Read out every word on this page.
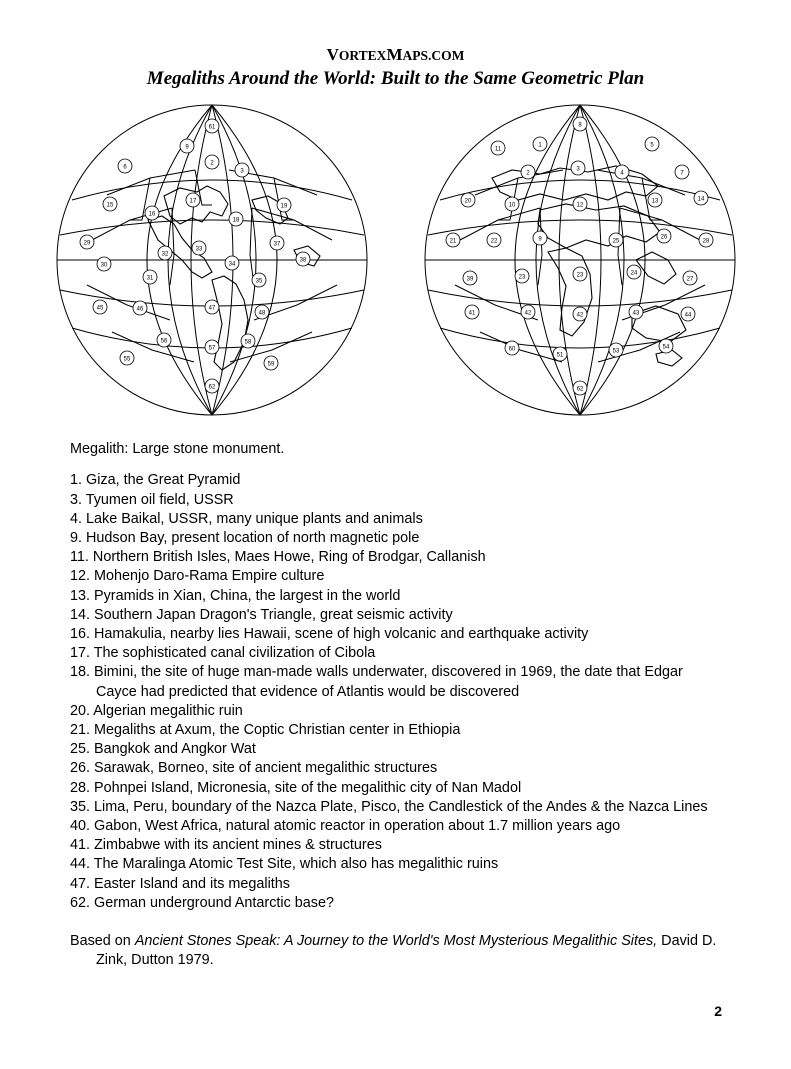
VORTEXMAPS.COM
Megaliths Around the World: Built to the Same Geometric Plan
61
9
6
2
3
15
17
19
16
18
29
30
32
33
37
38
31
34
35
45	46	47
48
56
57
58
55
59
62
8
11
1	5
2
3
4	7
20
10	12
13	14
21	22	9	25
26
28
39	23	23	24
27
41	42	42	43	44
60
51
53
54
62
Megalith: Large stone monument.
1. Giza, the Great Pyramid
3. Tyumen oil field, USSR
4. Lake Baikal, USSR, many unique plants and animals
9. Hudson Bay, present location of north magnetic pole
11. Northern British Isles, Maes Howe, Ring of Brodgar, Callanish
12. Mohenjo Daro-Rama Empire culture
13. Pyramids in Xian, China, the largest in the world
14. Southern Japan Dragon's Triangle, great seismic activity
16. Hamakulia, nearby lies Hawaii, scene of high volcanic and earthquake activity
17. The sophisticated canal civilization of Cibola
18. Bimini, the site of huge man-made walls underwater, discovered in 1969, the date that Edgar Cayce had predicted that evidence of Atlantis would be discovered
20. Algerian megalithic ruin
21. Megaliths at Axum, the Coptic Christian center in Ethiopia
25. Bangkok and Angkor Wat
26. Sarawak, Borneo, site of ancient megalithic structures
28. Pohnpei Island, Micronesia, site of the megalithic city of Nan Madol
35. Lima, Peru, boundary of the Nazca Plate, Pisco, the Candlestick of the Andes & the Nazca Lines
40. Gabon, West Africa, natural atomic reactor in operation about 1.7 million years ago
41. Zimbabwe with its ancient mines & structures
44. The Maralinga Atomic Test Site, which also has megalithic ruins
47. Easter Island and its megaliths
62. German underground Antarctic base?
Based on Ancient Stones Speak: A Journey to the World's Most Mysterious Megalithic Sites, David D. Zink, Dutton 1979.
2
